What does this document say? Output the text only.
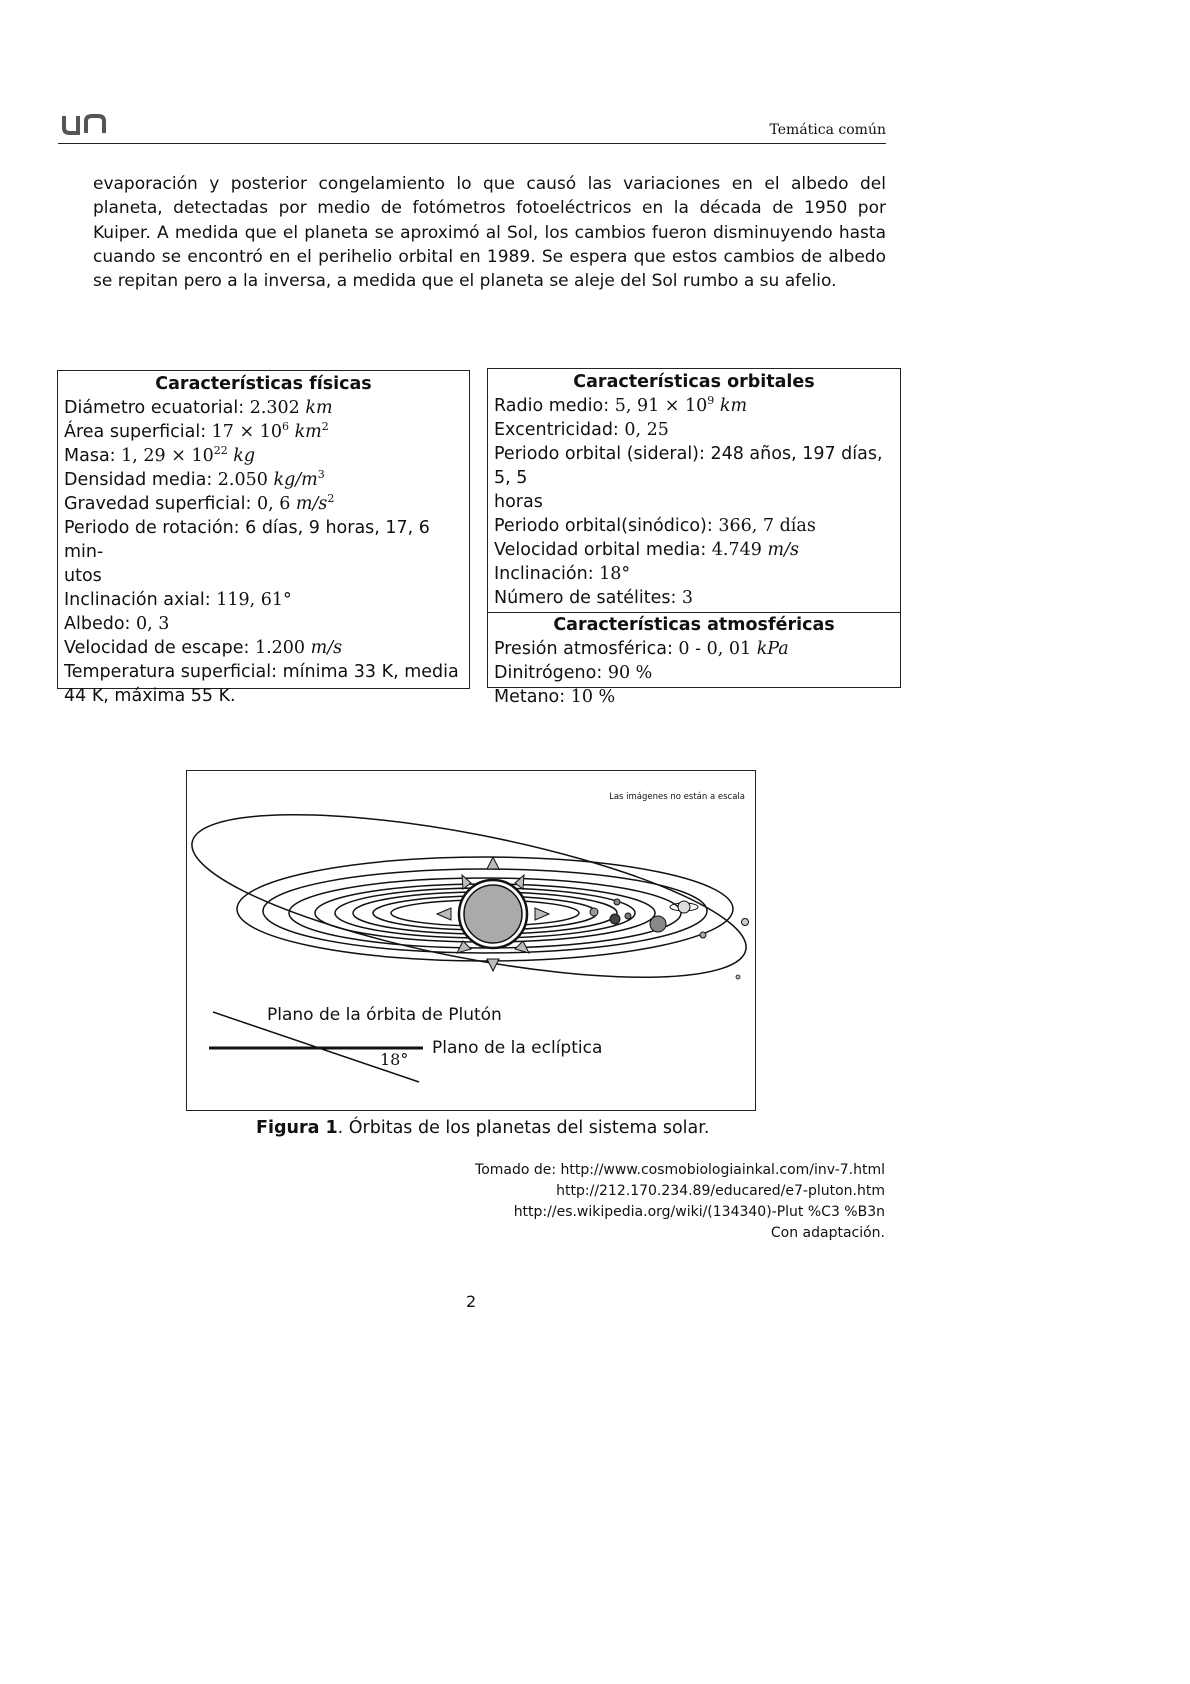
Temática común
evaporación y posterior congelamiento lo que causó las variaciones en el albedo del planeta, detectadas por medio de fotómetros fotoeléctricos en la década de 1950 por Kuiper. A medida que el planeta se aproximó al Sol, los cambios fueron disminuyendo hasta cuando se encontró en el perihelio orbital en 1989. Se espera que estos cambios de albedo se repitan pero a la inversa, a medida que el planeta se aleje del Sol rumbo a su afelio.
Características físicas
Diámetro ecuatorial: 2.302 km
Área superficial: $17 \times 10^6$ $km^2$
Masa: 1, $29 \times 10^{22}$ kg
Densidad media: 2.050 $kg/m^3$
Gravedad superficial: 0, 6 $m/s^2$
Periodo de rotación: 6 días, 9 horas, 17, 6 min-
utos
Inclinación axial: 119, 61°
Albedo: 0, 3
Velocidad de escape: 1.200 m/s
Temperatura superficial: mínima 33 K, media
44 K, máxima 55 K.
Características orbitales
Radio medio: 5, $91 \times 10^9$ km
Excentricidad: 0, 25
Periodo orbital (sideral): 248 años, 197 días, 5, 5
horas
Periodo orbital(sinódico): 366, 7 días
Velocidad orbital media: 4.749 m/s
Inclinación: 18°
Número de satélites: 3
Características atmosféricas
Presión atmosférica: 0 - 0, 01 kPa
Dinitrógeno: 90 %
Metano: 10 %
Las imágenes no están a escala
Plano de la órbita de Plutón
Plano de la eclíptica
18°
Figura 1. Órbitas de los planetas del sistema solar.
Tomado de: http://www.cosmobiologiainkal.com/inv-7.html
http://212.170.234.89/educared/e7-pluton.htm
http://es.wikipedia.org/wiki/(134340)-Plut %C3 %B3n
Con adaptación.
2
